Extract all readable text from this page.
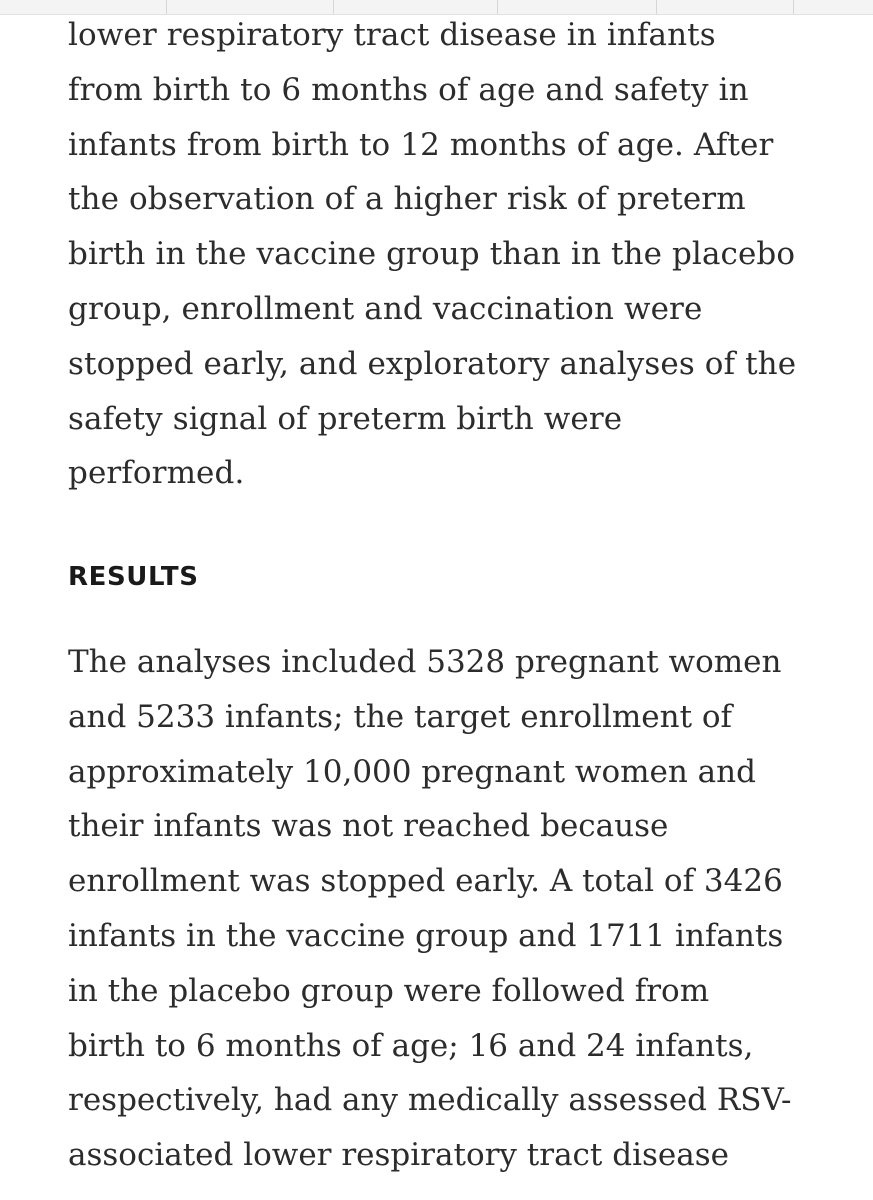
lower respiratory tract disease in infants

from birth to 6 months of age and safety in

infants from birth to 12 months of age. After

the observation of a higher risk of preterm

birth in the vaccine group than in the placebo

group, enrollment and vaccination were

stopped early, and exploratory analyses of the

safety signal of preterm birth were

performed.

RESULTS

The analyses included 5328 pregnant women

and 5233 infants; the target enrollment of

approximately 10,000 pregnant women and

their infants was not reached because

enrollment was stopped early. A total of 3426

infants in the vaccine group and 1711 infants

in the placebo group were followed from

birth to 6 months of age; 16 and 24 infants,

respectively, had any medically assessed RSV-

associated lower respiratory tract disease
